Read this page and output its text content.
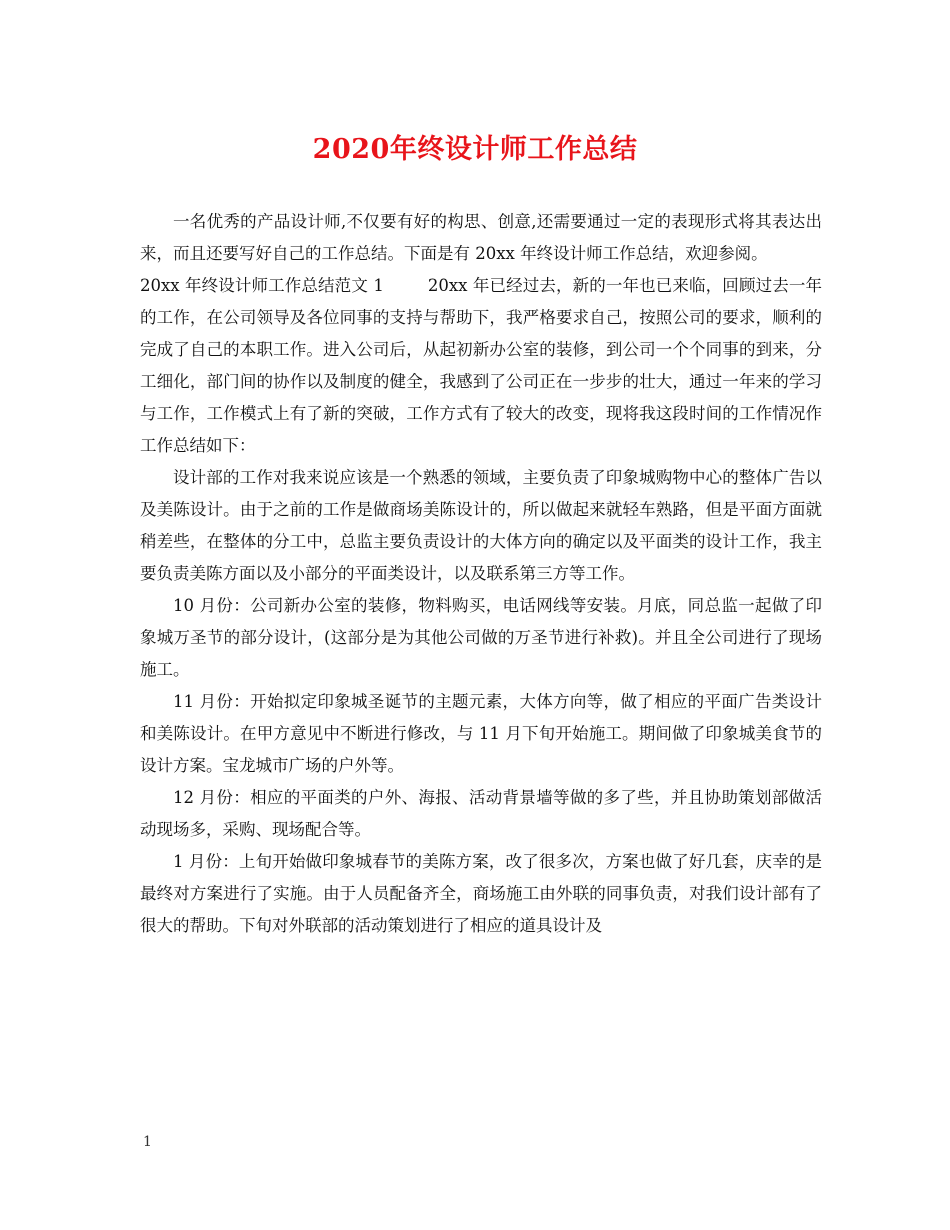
2020年终设计师工作总结

一名优秀的产品设计师,不仅要有好的构思、创意,还需要通过一定的表现形式将其表达出来，而且还要写好自己的工作总结。下面是有 20xx 年终设计师工作总结，欢迎参阅。

20xx 年终设计师工作总结范文 1	20xx 年已经过去，新的一年也已来临，回顾过去一年的工作，在公司领导及各位同事的支持与帮助下，我严格要求自己，按照公司的要求，顺利的完成了自己的本职工作。进入公司后，从起初新办公室的装修，到公司一个个同事的到来，分工细化，部门间的协作以及制度的健全，我感到了公司正在一步步的壮大，通过一年来的学习与工作，工作模式上有了新的突破，工作方式有了较大的改变，现将我这段时间的工作情况作工作总结如下：

设计部的工作对我来说应该是一个熟悉的领域，主要负责了印象城购物中心的整体广告以及美陈设计。由于之前的工作是做商场美陈设计的，所以做起来就轻车熟路，但是平面方面就稍差些，在整体的分工中，总监主要负责设计的大体方向的确定以及平面类的设计工作，我主要负责美陈方面以及小部分的平面类设计，以及联系第三方等工作。

10 月份：公司新办公室的装修，物料购买，电话网线等安装。月底，同总监一起做了印象城万圣节的部分设计，(这部分是为其他公司做的万圣节进行补救)。并且全公司进行了现场施工。

11 月份：开始拟定印象城圣诞节的主题元素，大体方向等，做了相应的平面广告类设计和美陈设计。在甲方意见中不断进行修改，与 11 月下旬开始施工。期间做了印象城美食节的设计方案。宝龙城市广场的户外等。

12 月份：相应的平面类的户外、海报、活动背景墙等做的多了些，并且协助策划部做活动现场多，采购、现场配合等。

1 月份：上旬开始做印象城春节的美陈方案，改了很多次，方案也做了好几套，庆幸的是最终对方案进行了实施。由于人员配备齐全，商场施工由外联的同事负责，对我们设计部有了很大的帮助。下旬对外联部的活动策划进行了相应的道具设计及

1
